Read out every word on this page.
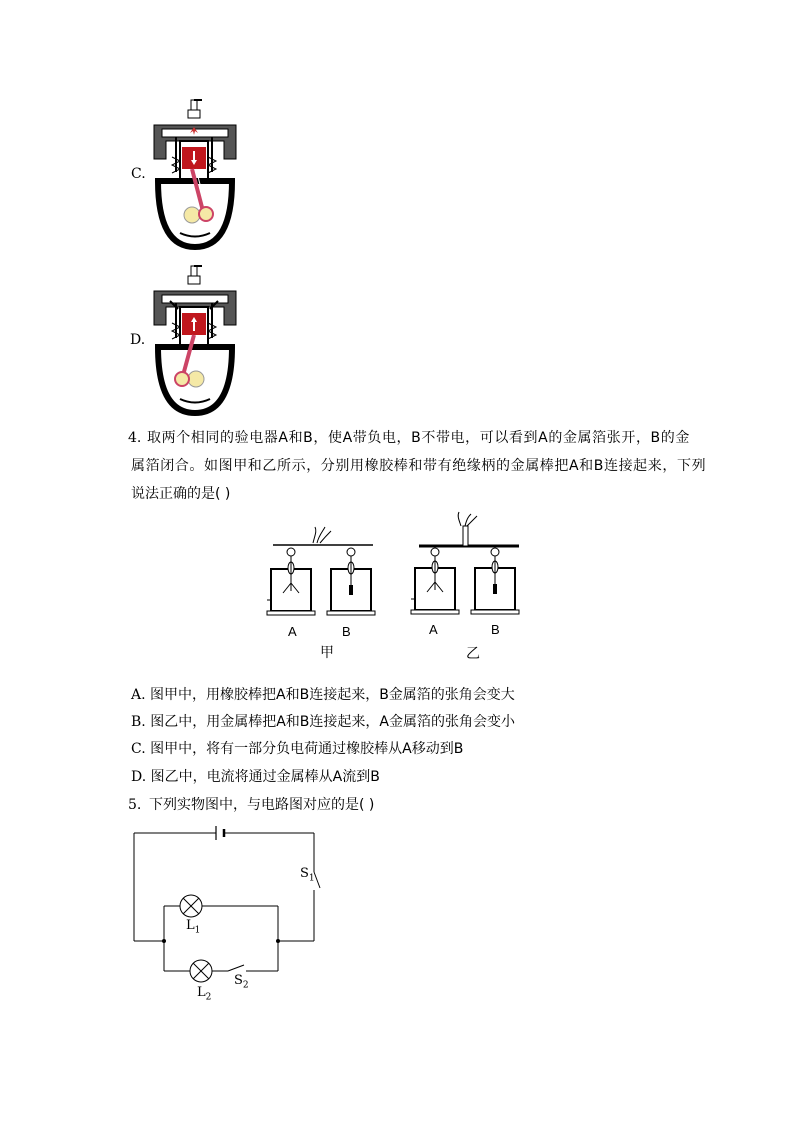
C.
D.
4. 取两个相同的验电器A和B，使A带负电，B不带电，可以看到A的金属箔张开，B的金
属箔闭合。如图甲和乙所示，分别用橡胶棒和带有绝缘柄的金属棒把A和B连接起来，下列
说法正确的是( )
A	B
甲
A	B
乙
A. 图甲中，用橡胶棒把A和B连接起来，B金属箔的张角会变大
B. 图乙中，用金属棒把A和B连接起来，A金属箔的张角会变小
C. 图甲中，将有一部分负电荷通过橡胶棒从A移动到B
D. 图乙中，电流将通过金属棒从A流到B
5. 下列实物图中，与电路图对应的是( )
$S_1$
$L_1$
$S_2$
$L_2$
